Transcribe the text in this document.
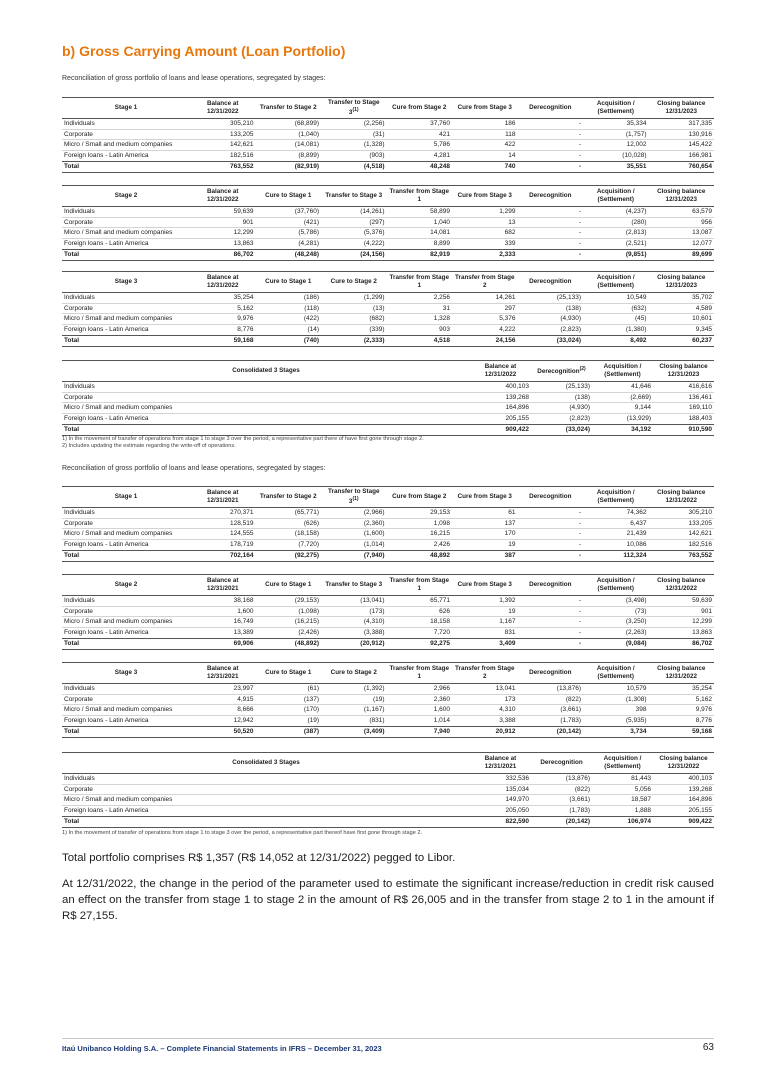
b) Gross Carrying Amount (Loan Portfolio)
Reconciliation of gross portfolio of loans and lease operations, segregated by stages:
Stage 1	Balance at 12/31/2022	Transfer to Stage 2	Transfer to Stage 3$^{(1)}$	Cure from Stage 2	Cure from Stage 3	Derecognition	Acquisition / (Settlement)	Closing balance 12/31/2023
Individuals	305,210	(68,899)	(2,256)	37,760	186	-	35,334	317,335
Corporate	133,205	(1,040)	(31)	421	118	-	(1,757)	130,916
Micro / Small and medium companies	142,621	(14,081)	(1,328)	5,786	422	-	12,002	145,422
Foreign loans - Latin America	182,516	(8,899)	(903)	4,281	14	-	(10,028)	166,981
Total	763,552	(82,919)	(4,518)	48,248	740	-	35,551	760,654
Stage 2	Balance at 12/31/2022	Cure to Stage 1	Transfer to Stage 3	Transfer from Stage 1	Cure from Stage 3	Derecognition	Acquisition / (Settlement)	Closing balance 12/31/2023
Individuals	59,639	(37,760)	(14,261)	58,899	1,299	-	(4,237)	63,579
Corporate	901	(421)	(297)	1,040	13	-	(280)	956
Micro / Small and medium companies	12,299	(5,786)	(5,376)	14,081	682	-	(2,813)	13,087
Foreign loans - Latin America	13,863	(4,281)	(4,222)	8,899	339	-	(2,521)	12,077
Total	86,702	(48,248)	(24,156)	82,919	2,333	-	(9,851)	89,699
Stage 3	Balance at 12/31/2022	Cure to Stage 1	Cure to Stage 2	Transfer from Stage 1	Transfer from Stage 2	Derecognition	Acquisition / (Settlement)	Closing balance 12/31/2023
Individuals	35,254	(186)	(1,299)	2,256	14,261	(25,133)	10,549	35,702
Corporate	5,162	(118)	(13)	31	297	(138)	(632)	4,589
Micro / Small and medium companies	9,976	(422)	(682)	1,328	5,376	(4,930)	(45)	10,601
Foreign loans - Latin America	8,776	(14)	(339)	903	4,222	(2,823)	(1,380)	9,345
Total	59,168	(740)	(2,333)	4,518	24,156	(33,024)	8,492	60,237
Consolidated 3 Stages	Balance at 12/31/2022	Derecognition$^{(2)}$	Acquisition / (Settlement)	Closing balance 12/31/2023
Individuals	400,103	(25,133)	41,646	416,616
Corporate	139,268	(138)	(2,669)	136,461
Micro / Small and medium companies	164,896	(4,930)	9,144	169,110
Foreign loans - Latin America	205,155	(2,823)	(13,929)	188,403
Total	909,422	(33,024)	34,192	910,590
1) In the movement of transfer of operations from stage 1 to stage 3 over the period, a representative part there of have first gone through stage 2.
2) Includes updating the estimate regarding the write-off of operations.
Reconciliation of gross portfolio of loans and lease operations, segregated by stages:
Stage 1	Balance at 12/31/2021	Transfer to Stage 2	Transfer to Stage 3$^{(1)}$	Cure from Stage 2	Cure from Stage 3	Derecognition	Acquisition / (Settlement)	Closing balance 12/31/2022
Individuals	270,371	(65,771)	(2,966)	29,153	61	-	74,362	305,210
Corporate	128,519	(626)	(2,360)	1,098	137	-	6,437	133,205
Micro / Small and medium companies	124,555	(18,158)	(1,600)	16,215	170	-	21,439	142,621
Foreign loans - Latin America	178,719	(7,720)	(1,014)	2,426	19	-	10,086	182,516
Total	702,164	(92,275)	(7,940)	48,892	387	-	112,324	763,552
Stage 2	Balance at 12/31/2021	Cure to Stage 1	Transfer to Stage 3	Transfer from Stage 1	Cure from Stage 3	Derecognition	Acquisition / (Settlement)	Closing balance 12/31/2022
Individuals	38,168	(29,153)	(13,041)	65,771	1,392	-	(3,498)	59,639
Corporate	1,600	(1,098)	(173)	626	19	-	(73)	901
Micro / Small and medium companies	16,749	(16,215)	(4,310)	18,158	1,167	-	(3,250)	12,299
Foreign loans - Latin America	13,389	(2,426)	(3,388)	7,720	831	-	(2,263)	13,863
Total	69,906	(48,892)	(20,912)	92,275	3,409	-	(9,084)	86,702
Stage 3	Balance at 12/31/2021	Cure to Stage 1	Cure to Stage 2	Transfer from Stage 1	Transfer from Stage 2	Derecognition	Acquisition / (Settlement)	Closing balance 12/31/2022
Individuals	23,997	(61)	(1,392)	2,966	13,041	(13,876)	10,579	35,254
Corporate	4,915	(137)	(19)	2,360	173	(822)	(1,308)	5,162
Micro / Small and medium companies	8,666	(170)	(1,167)	1,600	4,310	(3,661)	398	9,976
Foreign loans - Latin America	12,942	(19)	(831)	1,014	3,388	(1,783)	(5,935)	8,776
Total	50,520	(387)	(3,409)	7,940	20,912	(20,142)	3,734	59,168
Consolidated 3 Stages	Balance at 12/31/2021	Derecognition	Acquisition / (Settlement)	Closing balance 12/31/2022
Individuals	332,536	(13,876)	81,443	400,103
Corporate	135,034	(822)	5,056	139,268
Micro / Small and medium companies	149,970	(3,661)	18,587	164,896
Foreign loans - Latin America	205,050	(1,783)	1,888	205,155
Total	822,590	(20,142)	106,974	909,422
1) In the movement of transfer of operations from stage 1 to stage 3 over the period, a representative part thereof have first gone through stage 2.

Total portfolio comprises R$ 1,357 (R$ 14,052 at 12/31/2022) pegged to Libor.

At 12/31/2022, the change in the period of the parameter used to estimate the significant increase/reduction in credit risk caused an effect on the transfer from stage 1 to stage 2 in the amount of R$ 26,005 and in the transfer from stage 2 to 1 in the amount if R$ 27,155.

Itaú Unibanco Holding S.A. – Complete Financial Statements in IFRS – December 31, 2023	63
